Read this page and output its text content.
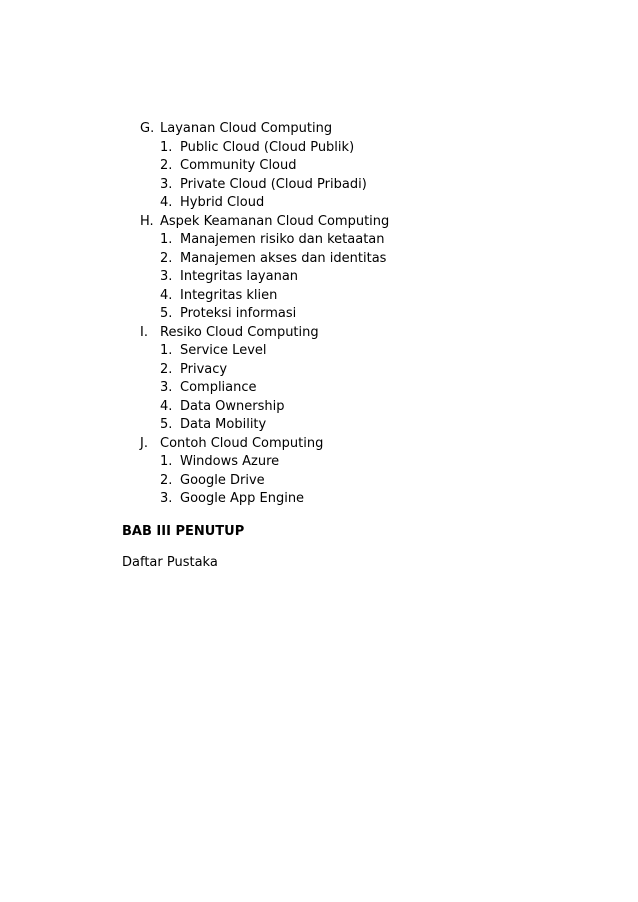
G. Layanan Cloud Computing
1. Public Cloud (Cloud Publik)
2. Community Cloud
3. Private Cloud (Cloud Pribadi)
4. Hybrid Cloud
H. Aspek Keamanan Cloud Computing
1. Manajemen risiko dan ketaatan
2. Manajemen akses dan identitas
3. Integritas layanan
4. Integritas klien
5. Proteksi informasi
I. Resiko Cloud Computing
1. Service Level
2. Privacy
3. Compliance
4. Data Ownership
5. Data Mobility
J. Contoh Cloud Computing
1. Windows Azure
2. Google Drive
3. Google App Engine
BAB III PENUTUP
Daftar Pustaka
